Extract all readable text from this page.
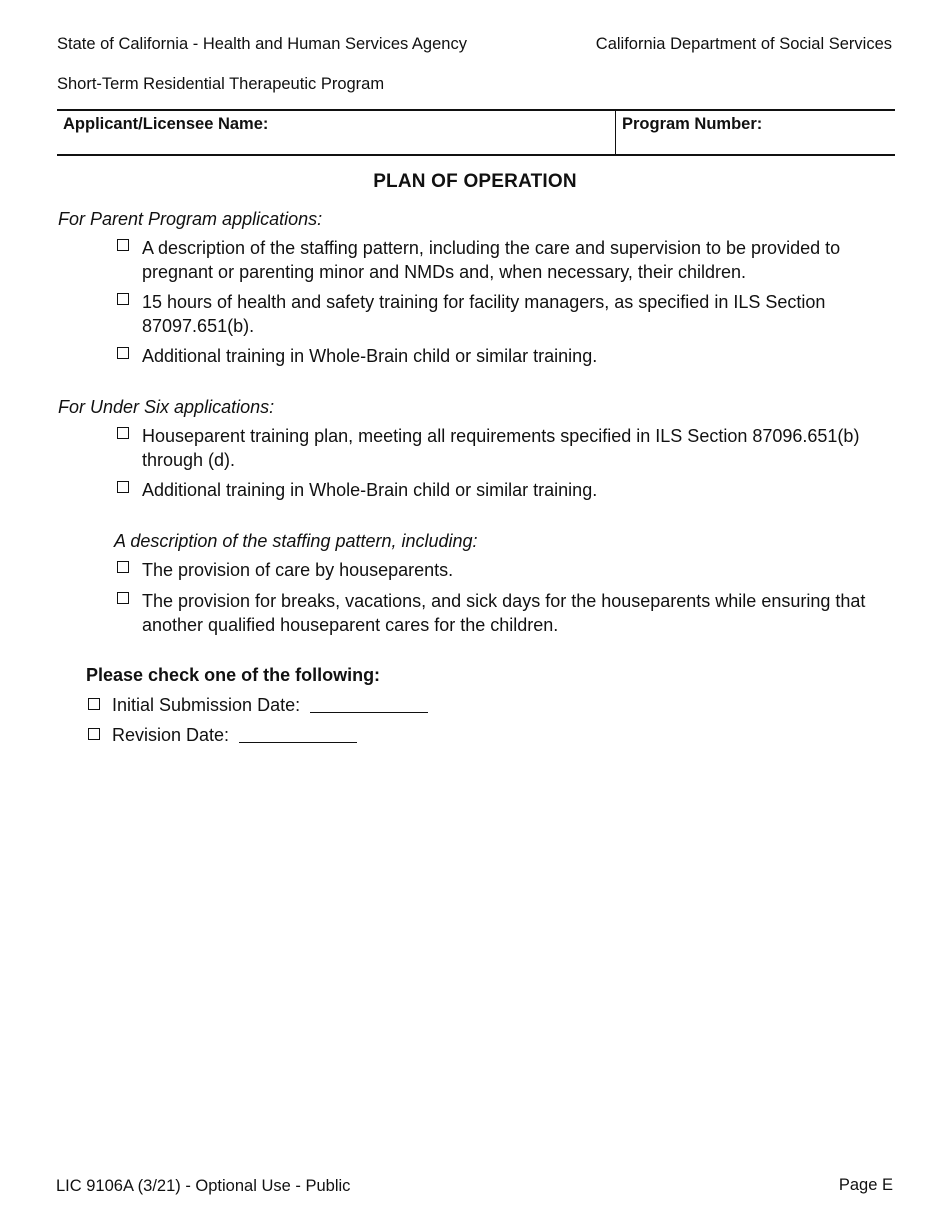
State of California - Health and Human Services Agency	California Department of Social Services
Short-Term Residential Therapeutic Program
Applicant/Licensee Name:	Program Number:
PLAN OF OPERATION
For Parent Program applications:
A description of the staffing pattern, including the care and supervision to be provided to pregnant or parenting minor and NMDs and, when necessary, their children.
15 hours of health and safety training for facility managers, as specified in ILS Section 87097.651(b).
Additional training in Whole-Brain child or similar training.
For Under Six applications:
Houseparent training plan, meeting all requirements specified in ILS Section 87096.651(b) through (d).
Additional training in Whole-Brain child or similar training.
A description of the staffing pattern, including:
The provision of care by houseparents.
The provision for breaks, vacations, and sick days for the houseparents while ensuring that another qualified houseparent cares for the children.
Please check one of the following:
Initial Submission Date:
Revision Date:
LIC 9106A (3/21) - Optional Use - Public	Page E
